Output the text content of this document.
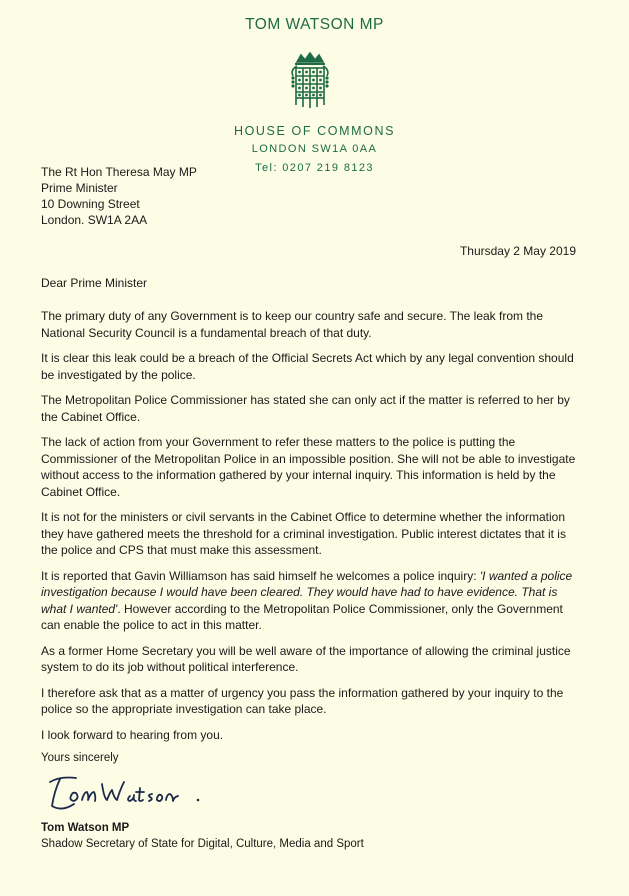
TOM WATSON MP
HOUSE OF COMMONS
LONDON SW1A 0AA
Tel: 0207 219 8123
The Rt Hon Theresa May MP
Prime Minister
10 Downing Street
London. SW1A 2AA
Thursday 2 May 2019
Dear Prime Minister

The primary duty of any Government is to keep our country safe and secure. The leak from the National Security Council is a fundamental breach of that duty.

It is clear this leak could be a breach of the Official Secrets Act which by any legal convention should be investigated by the police.

The Metropolitan Police Commissioner has stated she can only act if the matter is referred to her by the Cabinet Office.

The lack of action from your Government to refer these matters to the police is putting the Commissioner of the Metropolitan Police in an impossible position. She will not be able to investigate without access to the information gathered by your internal inquiry. This information is held by the Cabinet Office.

It is not for the ministers or civil servants in the Cabinet Office to determine whether the information they have gathered meets the threshold for a criminal investigation. Public interest dictates that it is the police and CPS that must make this assessment.

It is reported that Gavin Williamson has said himself he welcomes a police inquiry: 'I wanted a police investigation because I would have been cleared. They would have had to have evidence. That is what I wanted'. However according to the Metropolitan Police Commissioner, only the Government can enable the police to act in this matter.

As a former Home Secretary you will be well aware of the importance of allowing the criminal justice system to do its job without political interference.

I therefore ask that as a matter of urgency you pass the information gathered by your inquiry to the police so the appropriate investigation can take place.

I look forward to hearing from you.

Yours sincerely
Tom Watson MP
Shadow Secretary of State for Digital, Culture, Media and Sport
